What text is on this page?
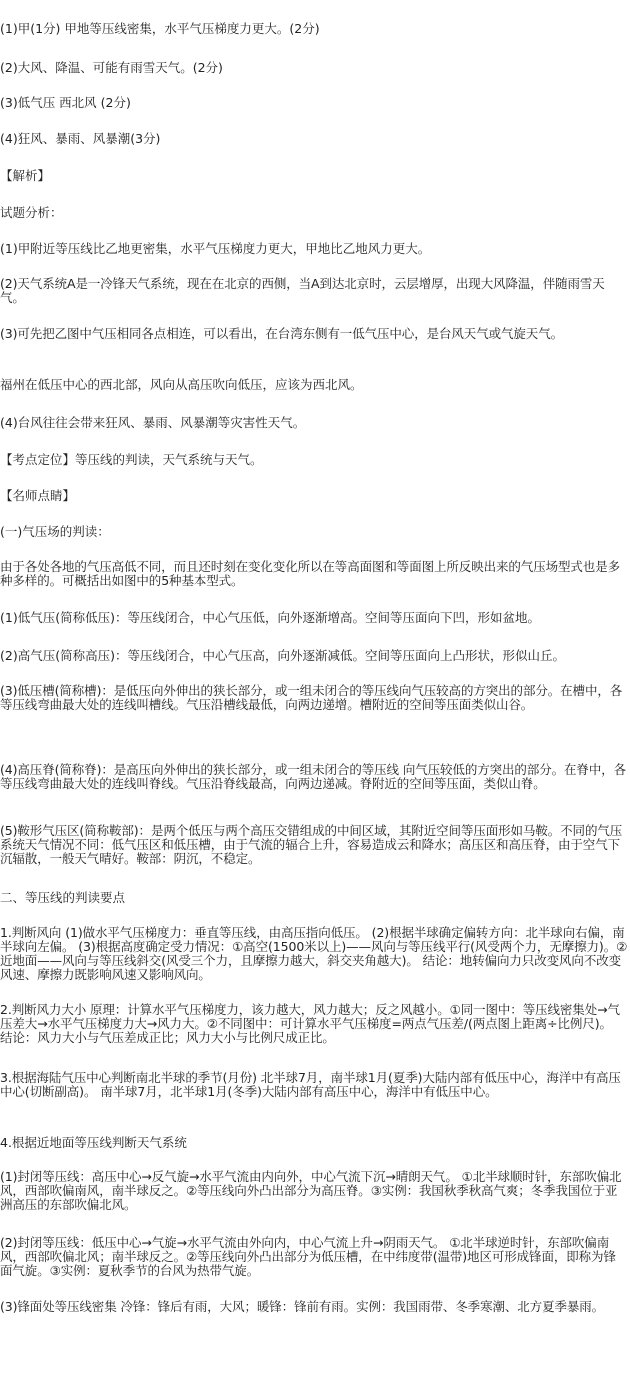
(1)甲(1分) 甲地等压线密集，水平气压梯度力更大。(2分)

(2)大风、降温、可能有雨雪天气。(2分)

(3)低气压 西北风 (2分)

(4)狂风、暴雨、风暴潮(3分)

【解析】

试题分析：

(1)甲附近等压线比乙地更密集，水平气压梯度力更大，甲地比乙地风力更大。

(2)天气系统A是一冷锋天气系统，现在在北京的西侧，当A到达北京时，云层增厚，出现大风降温，伴随雨雪天气。

(3)可先把乙图中气压相同各点相连，可以看出，在台湾东侧有一低气压中心，是台风天气或气旋天气。

福州在低压中心的西北部，风向从高压吹向低压，应该为西北风。

(4)台风往往会带来狂风、暴雨、风暴潮等灾害性天气。

【考点定位】等压线的判读，天气系统与天气。

【名师点睛】

(一)气压场的判读：

由于各处各地的气压高低不同，而且还时刻在变化变化所以在等高面图和等面图上所反映出来的气压场型式也是多种多样的。可概括出如图中的5种基本型式。

(1)低气压(简称低压)：等压线闭合，中心气压低，向外逐渐增高。空间等压面向下凹，形如盆地。

(2)高气压(简称高压)：等压线闭合，中心气压高，向外逐渐减低。空间等压面向上凸形状，形似山丘。

(3)低压槽(简称槽)：是低压向外伸出的狭长部分，或一组未闭合的等压线向气压较高的方突出的部分。在槽中，各等压线弯曲最大处的连线叫槽线。气压沿槽线最低，向两边递增。槽附近的空间等压面类似山谷。

(4)高压脊(简称脊)：是高压向外伸出的狭长部分，或一组未闭合的等压线 向气压较低的方突出的部分。在脊中，各等压线弯曲最大处的连线叫脊线。气压沿脊线最高，向两边递减。脊附近的空间等压面，类似山脊。

(5)鞍形气压区(简称鞍部)：是两个低压与两个高压交错组成的中间区域，其附近空间等压面形如马鞍。不同的气压系统天气情况不同：低气压区和低压槽，由于气流的辐合上升，容易造成云和降水；高压区和高压脊，由于空气下沉辐散，一般天气晴好。鞍部：阴沉，不稳定。

二、等压线的判读要点

1.判断风向 (1)做水平气压梯度力：垂直等压线，由高压指向低压。 (2)根据半球确定偏转方向：北半球向右偏，南半球向左偏。 (3)根据高度确定受力情况：①高空(1500米以上)——风向与等压线平行(风受两个力，无摩擦力)。②近地面——风向与等压线斜交(风受三个力，且摩擦力越大，斜交夹角越大)。 结论：地转偏向力只改变风向不改变风速、摩擦力既影响风速又影响风向。

2.判断风力大小 原理：计算水平气压梯度力，该力越大，风力越大；反之风越小。①同一图中：等压线密集处→气压差大→水平气压梯度力大→风力大。②不同图中：可计算水平气压梯度=两点气压差/(两点图上距离÷比例尺)。 结论：风力大小与气压差成正比；风力大小与比例尺成正比。

3.根据海陆气压中心判断南北半球的季节(月份) 北半球7月，南半球1月(夏季)大陆内部有低压中心，海洋中有高压中心(切断副高)。 南半球7月，北半球1月(冬季)大陆内部有高压中心，海洋中有低压中心。

4.根据近地面等压线判断天气系统

(1)封闭等压线：高压中心→反气旋→水平气流由内向外，中心气流下沉→晴朗天气。 ①北半球顺时针，东部吹偏北风，西部吹偏南风，南半球反之。②等压线向外凸出部分为高压脊。③实例：我国秋季秋高气爽；冬季我国位于亚洲高压的东部吹偏北风。

(2)封闭等压线：低压中心→气旋→水平气流由外向内，中心气流上升→阴雨天气。 ①北半球逆时针，东部吹偏南风，西部吹偏北风；南半球反之。②等压线向外凸出部分为低压槽，在中纬度带(温带)地区可形成锋面，即称为锋面气旋。③实例：夏秋季节的台风为热带气旋。

(3)锋面处等压线密集 冷锋：锋后有雨，大风；暖锋：锋前有雨。实例：我国雨带、冬季寒潮、北方夏季暴雨。
